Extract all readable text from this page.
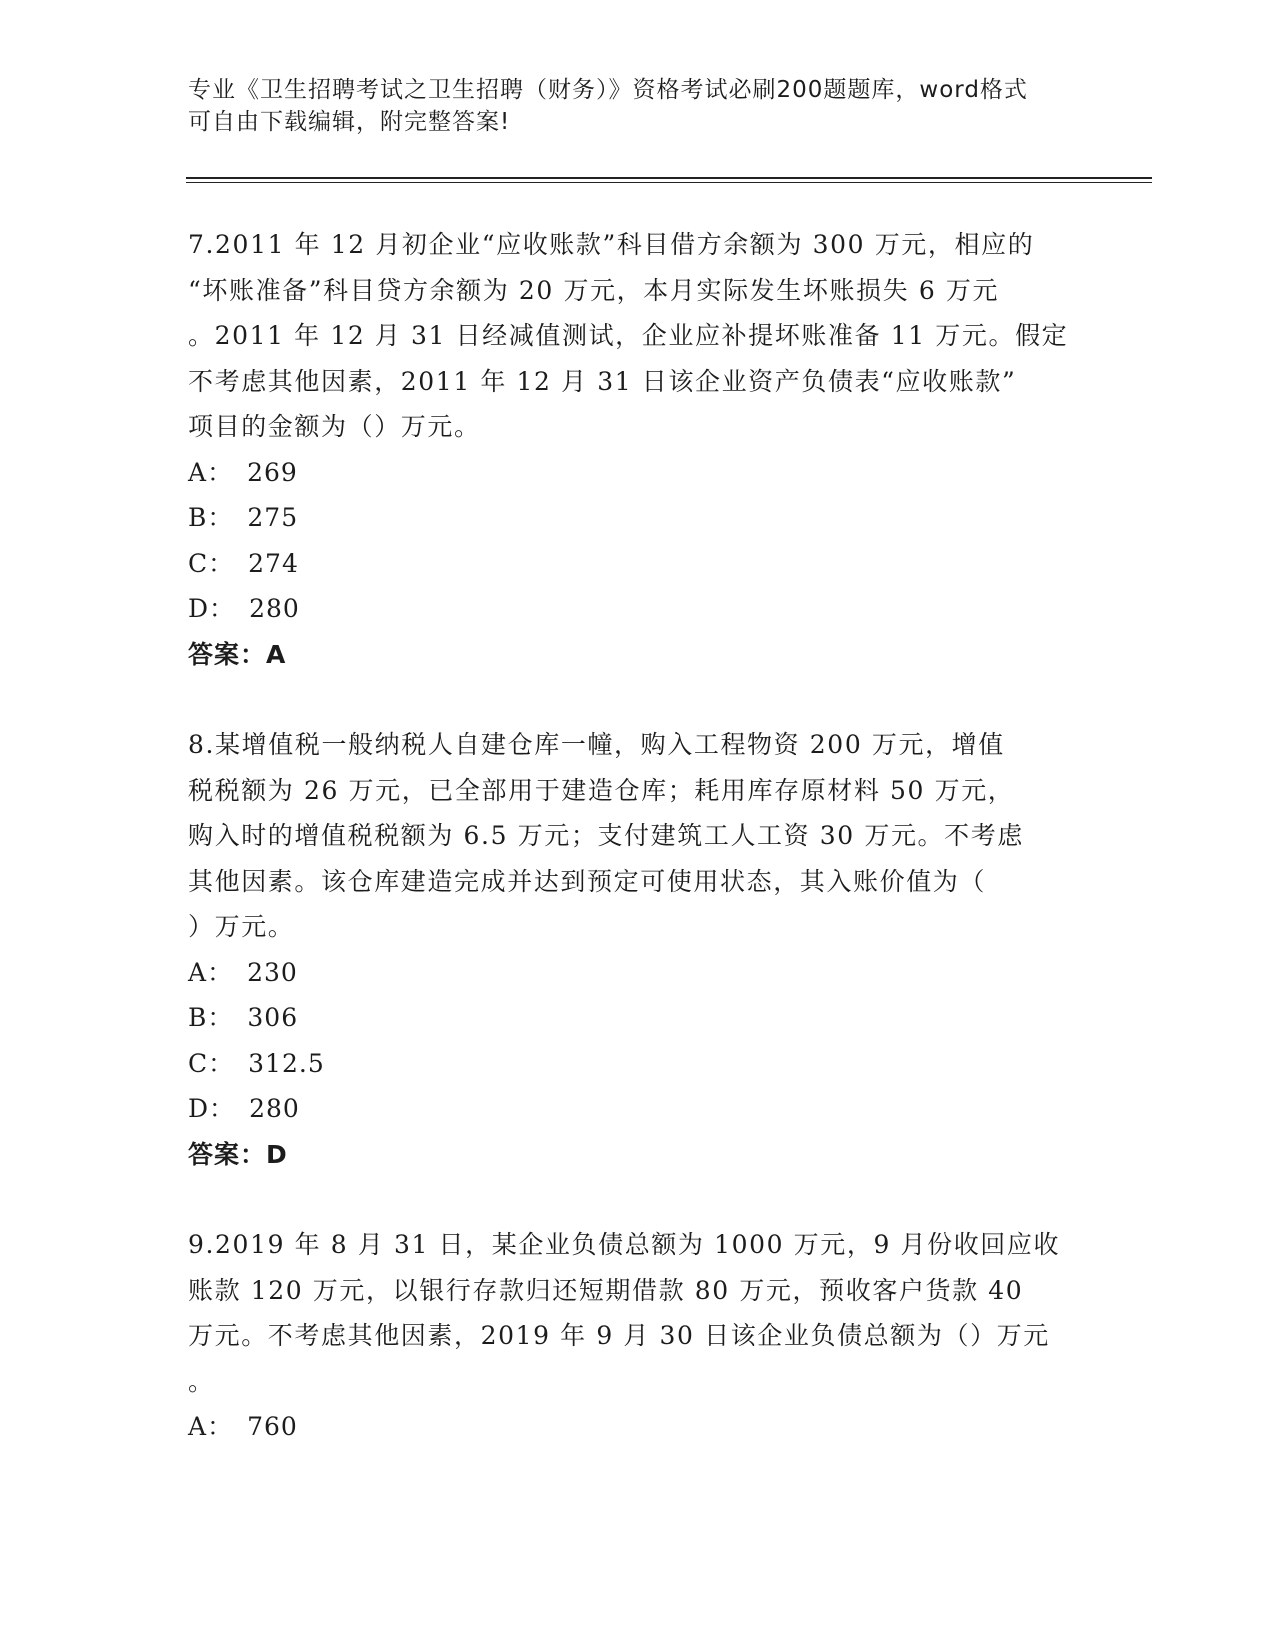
专业《卫生招聘考试之卫生招聘（财务）》资格考试必刷200题题库，word格式
可自由下载编辑，附完整答案!
7.2011 年 12 月初企业“应收账款”科目借方余额为 300 万元，相应的
“坏账准备”科目贷方余额为 20 万元，本月实际发生坏账损失 6 万元
。2011 年 12 月 31 日经减值测试，企业应补提坏账准备 11 万元。假定
不考虑其他因素，2011 年 12 月 31 日该企业资产负债表“应收账款”
项目的金额为（）万元。
A： 269
B： 275
C： 274
D： 280
答案：A
8.某增值税一般纳税人自建仓库一幢，购入工程物资 200 万元，增值
税税额为 26 万元，已全部用于建造仓库；耗用库存原材料 50 万元，
购入时的增值税税额为 6.5 万元；支付建筑工人工资 30 万元。不考虑
其他因素。该仓库建造完成并达到预定可使用状态，其入账价值为（
）万元。
A： 230
B： 306
C： 312.5
D： 280
答案：D
9.2019 年 8 月 31 日，某企业负债总额为 1000 万元，9 月份收回应收
账款 120 万元，以银行存款归还短期借款 80 万元，预收客户货款 40
万元。不考虑其他因素，2019 年 9 月 30 日该企业负债总额为（）万元
。
A： 760
